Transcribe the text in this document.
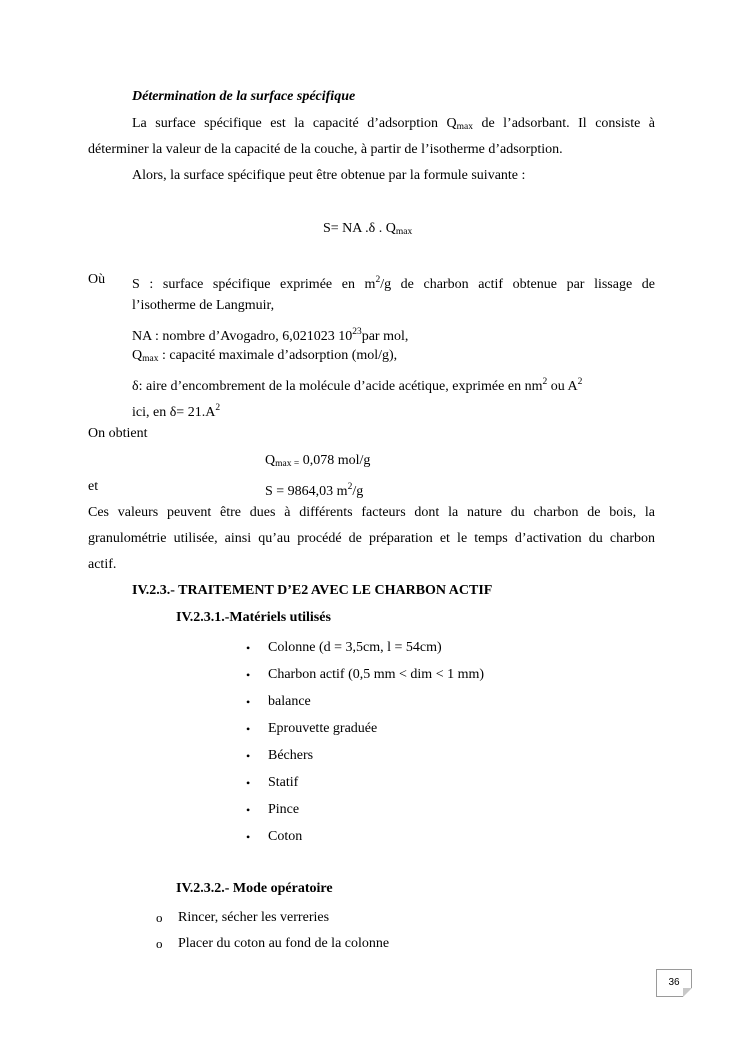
Détermination de la surface spécifique
La surface spécifique est la capacité d’adsorption $Q_{max}$ de l’adsorbant. Il consiste à
déterminer la valeur de la capacité de la couche, à partir de l’isotherme d’adsorption.
Alors, la surface spécifique peut être obtenue par la formule suivante :
S= NA .δ . $Q_{max}$
Où S : surface spécifique exprimée en $m^2/g$ de charbon actif obtenue par lissage de
l’isotherme de Langmuir,
NA : nombre d’Avogadro, 6,021023 $10^{23}par$ mol,
$Q_{max}$ : capacité maximale d’adsorption (mol/g),
δ: aire d’encombrement de la molécule d’acide acétique, exprimée en $nm^2$ ou $A^2$
ici, en $\delta= 21.A^2$
On obtient
$Q_{max =}$ 0,078 mol/g
et	S = 9864,03 $m^2/g$
Ces valeurs peuvent être dues à différents facteurs dont la nature du charbon de bois, la
granulométrie utilisée, ainsi qu’au procédé de préparation et le temps d’activation du charbon
actif.
IV.2.3.- TRAITEMENT D’E2 AVEC LE CHARBON ACTIF
IV.2.3.1.-Matériels utilisés
• Colonne (d = 3,5cm, l = 54cm)
• Charbon actif (0,5 mm < dim < 1 mm)
• balance
• Eprouvette graduée
• Béchers
• Statif
• Pince
• Coton
IV.2.3.2.- Mode opératoire
o Rincer, sécher les verreries
o Placer du coton au fond de la colonne
36
